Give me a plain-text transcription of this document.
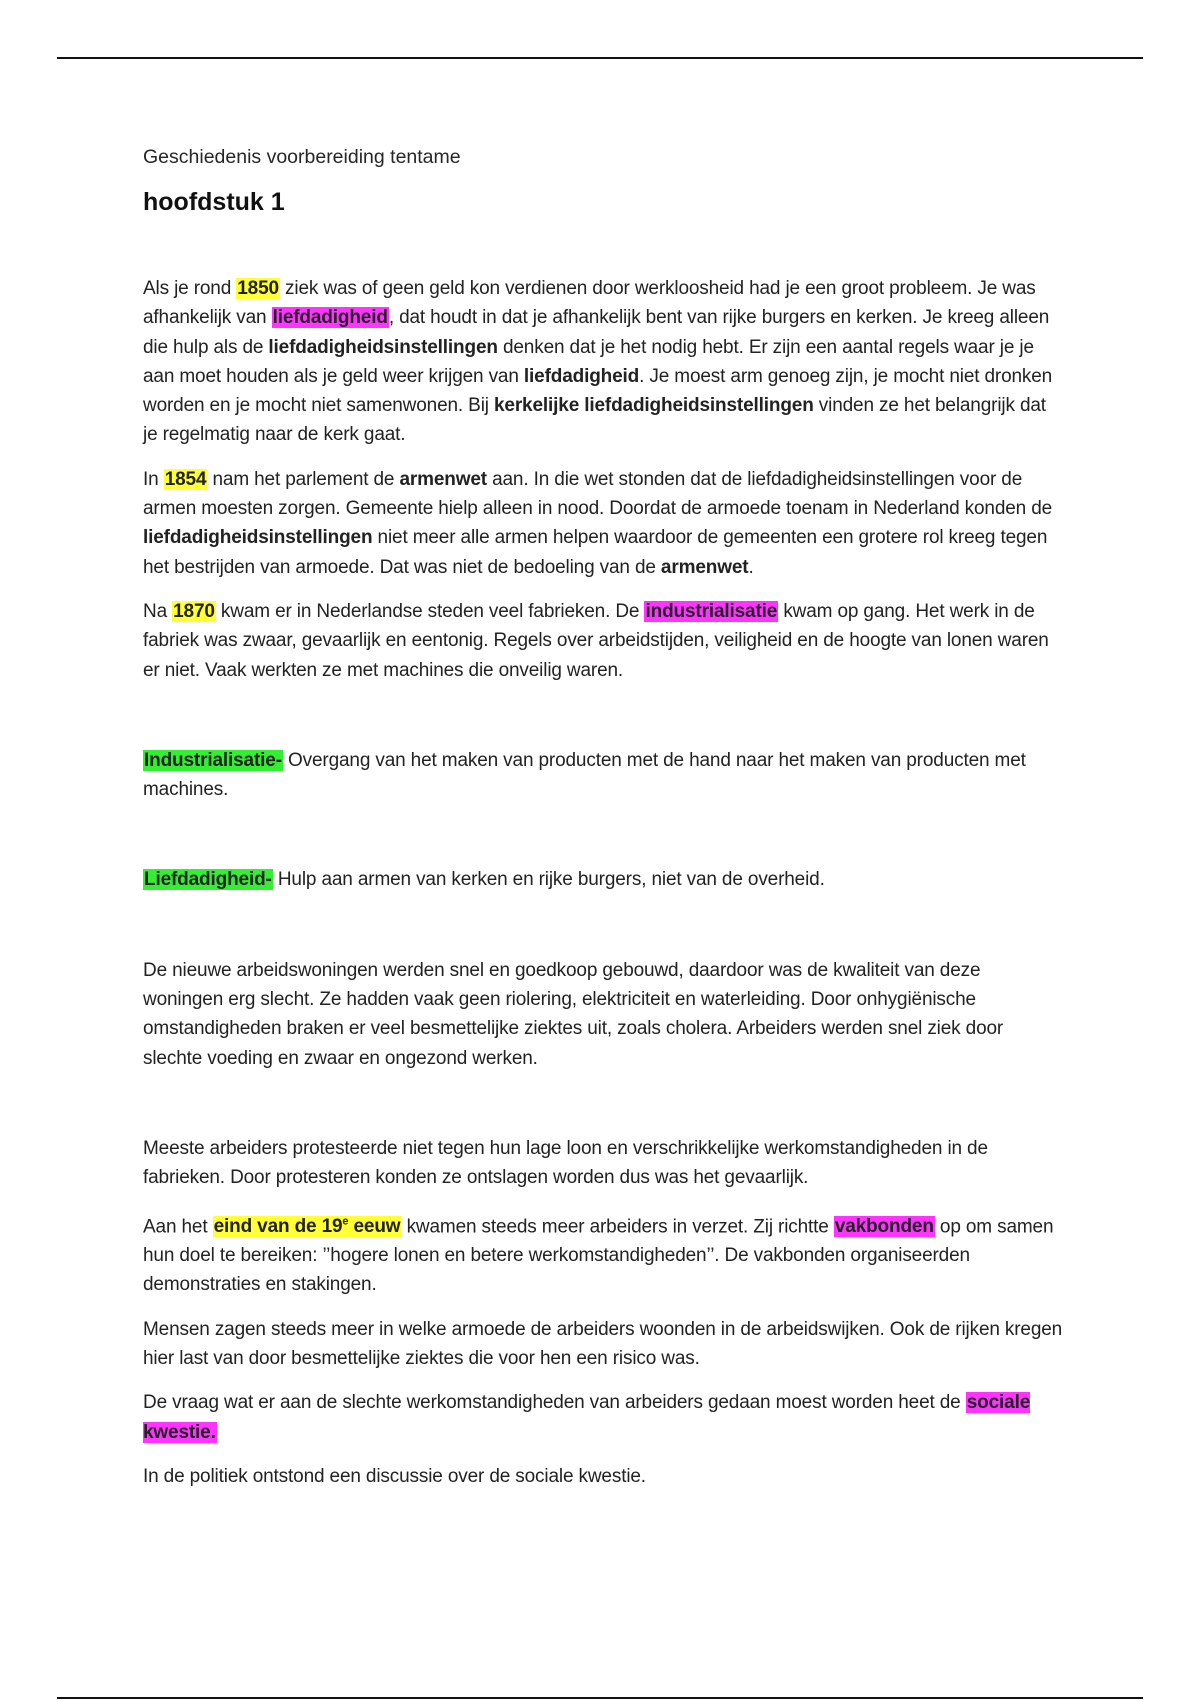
Geschiedenis voorbereiding tentame
hoofdstuk 1

Als je rond 1850 ziek was of geen geld kon verdienen door werkloosheid had je een groot probleem. Je was afhankelijk van liefdadigheid, dat houdt in dat je afhankelijk bent van rijke burgers en kerken. Je kreeg alleen die hulp als de liefdadigheidsinstellingen denken dat je het nodig hebt. Er zijn een aantal regels waar je je aan moet houden als je geld weer krijgen van liefdadigheid. Je moest arm genoeg zijn, je mocht niet dronken worden en je mocht niet samenwonen. Bij kerkelijke liefdadigheidsinstellingen vinden ze het belangrijk dat je regelmatig naar de kerk gaat.

In 1854 nam het parlement de armenwet aan. In die wet stonden dat de liefdadigheidsinstellingen voor de armen moesten zorgen. Gemeente hielp alleen in nood. Doordat de armoede toenam in Nederland konden de liefdadigheidsinstellingen niet meer alle armen helpen waardoor de gemeenten een grotere rol kreeg tegen het bestrijden van armoede. Dat was niet de bedoeling van de armenwet.

Na 1870 kwam er in Nederlandse steden veel fabrieken. De industrialisatie kwam op gang. Het werk in de fabriek was zwaar, gevaarlijk en eentonig. Regels over arbeidstijden, veiligheid en de hoogte van lonen waren er niet. Vaak werkten ze met machines die onveilig waren.

Industrialisatie- Overgang van het maken van producten met de hand naar het maken van producten met machines.

Liefdadigheid- Hulp aan armen van kerken en rijke burgers, niet van de overheid.

De nieuwe arbeidswoningen werden snel en goedkoop gebouwd, daardoor was de kwaliteit van deze woningen erg slecht. Ze hadden vaak geen riolering, elektriciteit en waterleiding. Door onhygiënische omstandigheden braken er veel besmettelijke ziektes uit, zoals cholera. Arbeiders werden snel ziek door slechte voeding en zwaar en ongezond werken.

Meeste arbeiders protesteerde niet tegen hun lage loon en verschrikkelijke werkomstandigheden in de fabrieken. Door protesteren konden ze ontslagen worden dus was het gevaarlijk.

Aan het eind van de 19e eeuw kwamen steeds meer arbeiders in verzet. Zij richtte vakbonden op om samen hun doel te bereiken: ’’hogere lonen en betere werkomstandigheden’’. De vakbonden organiseerden demonstraties en stakingen.

Mensen zagen steeds meer in welke armoede de arbeiders woonden in de arbeidswijken. Ook de rijken kregen hier last van door besmettelijke ziektes die voor hen een risico was.

De vraag wat er aan de slechte werkomstandigheden van arbeiders gedaan moest worden heet de sociale kwestie.

In de politiek ontstond een discussie over de sociale kwestie.
